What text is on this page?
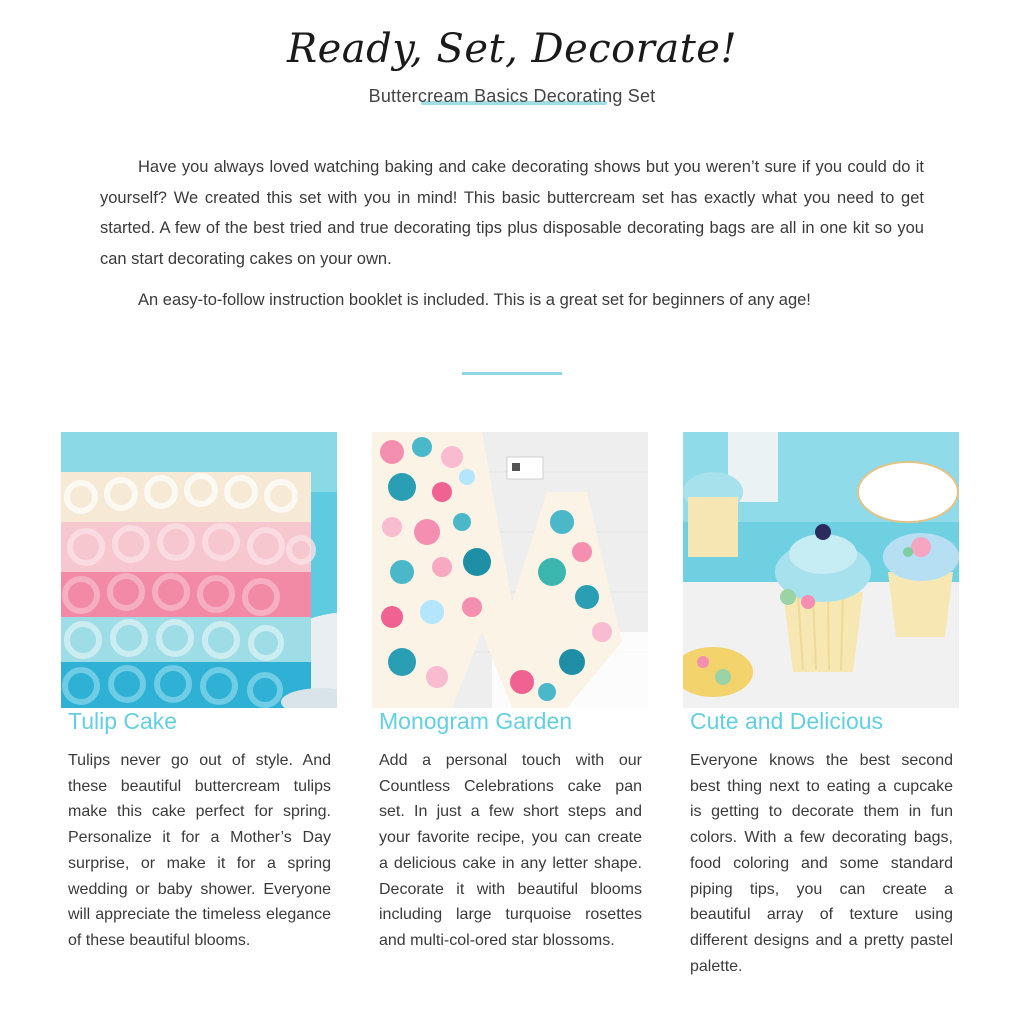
Ready, Set, Decorate!
Buttercream Basics Decorating Set

Have you always loved watching baking and cake decorating shows but you weren’t sure if you could do it yourself? We created this set with you in mind! This basic buttercream set has exactly what you need to get started. A few of the best tried and true decorating tips plus disposable decorating bags are all in one kit so you can start decorating cakes on your own.

An easy-to-follow instruction booklet is included. This is a great set for beginners of any age!

Tulip Cake

Tulips never go out of style. And these beautiful buttercream tulips make this cake perfect for spring. Personalize it for a Mother’s Day surprise, or make it for a spring wedding or baby shower. Everyone will appreciate the timeless elegance of these beautiful blooms.

Monogram Garden

Add a personal touch with our Countless Celebrations cake pan set. In just a few short steps and your favorite recipe, you can create a delicious cake in any letter shape. Decorate it with beautiful blooms including large turquoise rosettes and multi-col-ored star blossoms.

Cute and Delicious

Everyone knows the best second best thing next to eating a cupcake is getting to decorate them in fun colors. With a few decorating bags, food coloring and some standard piping tips, you can create a beautiful array of texture using different designs and a pretty pastel palette.
